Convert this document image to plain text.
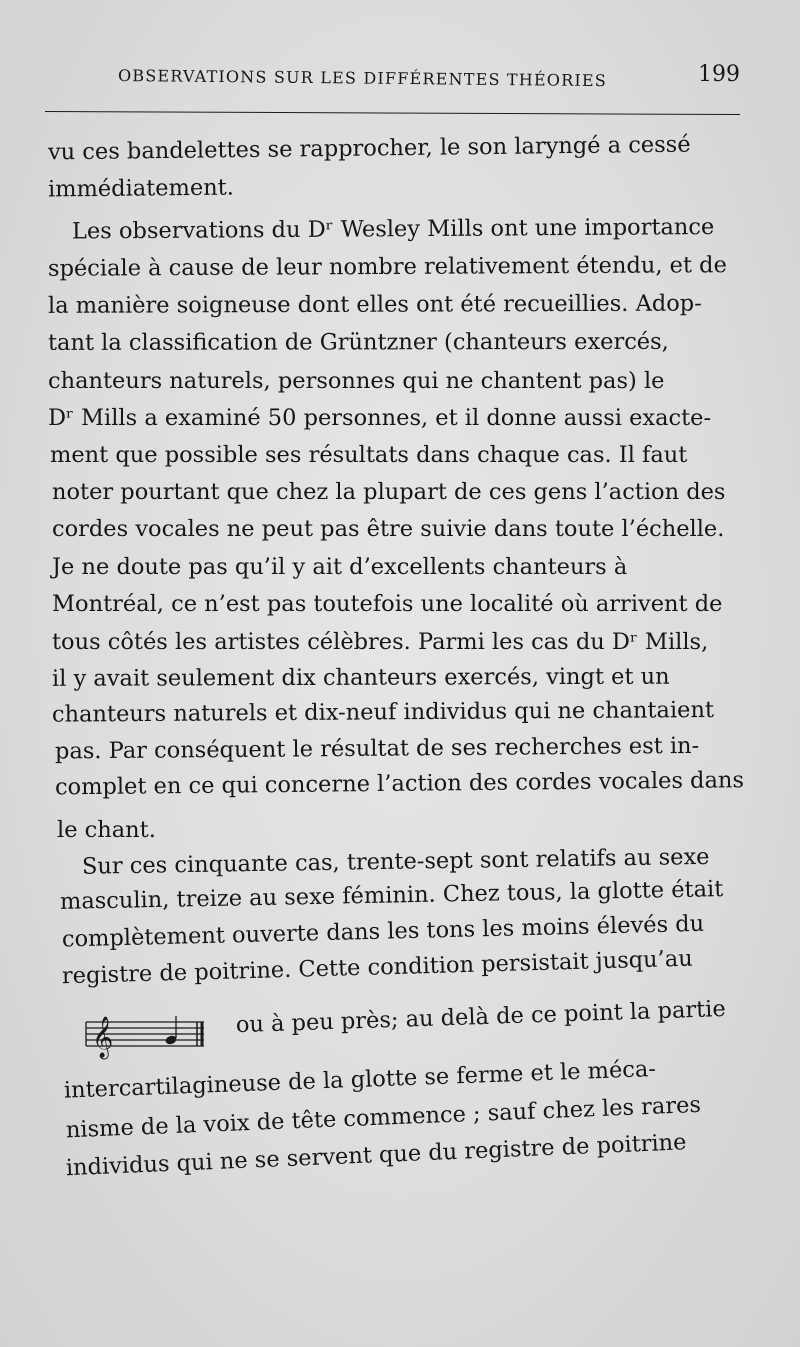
OBSERVATIONS SUR LES DIFFÉRENTES THÉORIES	199
vu ces bandelettes se rapprocher, le son laryngé a cessé
immédiatement.
Les observations du Dʳ Wesley Mills ont une importance
spéciale à cause de leur nombre relativement étendu, et de
la manière soigneuse dont elles ont été recueillies. Adop-
tant la classification de Grüntzner (chanteurs exercés,
chanteurs naturels, personnes qui ne chantent pas) le
Dʳ Mills a examiné 50 personnes, et il donne aussi exacte-
ment que possible ses résultats dans chaque cas. Il faut
noter pourtant que chez la plupart de ces gens l’action des
cordes vocales ne peut pas être suivie dans toute l’échelle.
Je ne doute pas qu’il y ait d’excellents chanteurs à
Montréal, ce n’est pas toutefois une localité où arrivent de
tous côtés les artistes célèbres. Parmi les cas du Dʳ Mills,
il y avait seulement dix chanteurs exercés, vingt et un
chanteurs naturels et dix-neuf individus qui ne chantaient
pas. Par conséquent le résultat de ses recherches est in-
complet en ce qui concerne l’action des cordes vocales dans
le chant.
Sur ces cinquante cas, trente-sept sont relatifs au sexe
masculin, treize au sexe féminin. Chez tous, la glotte était
complètement ouverte dans les tons les moins élevés du
registre de poitrine. Cette condition persistait jusqu’au
ou à peu près; au delà de ce point la partie
intercartilagineuse de la glotte se ferme et le méca-
nisme de la voix de tête commence ; sauf chez les rares
individus qui ne se servent que du registre de poitrine
𝄞
